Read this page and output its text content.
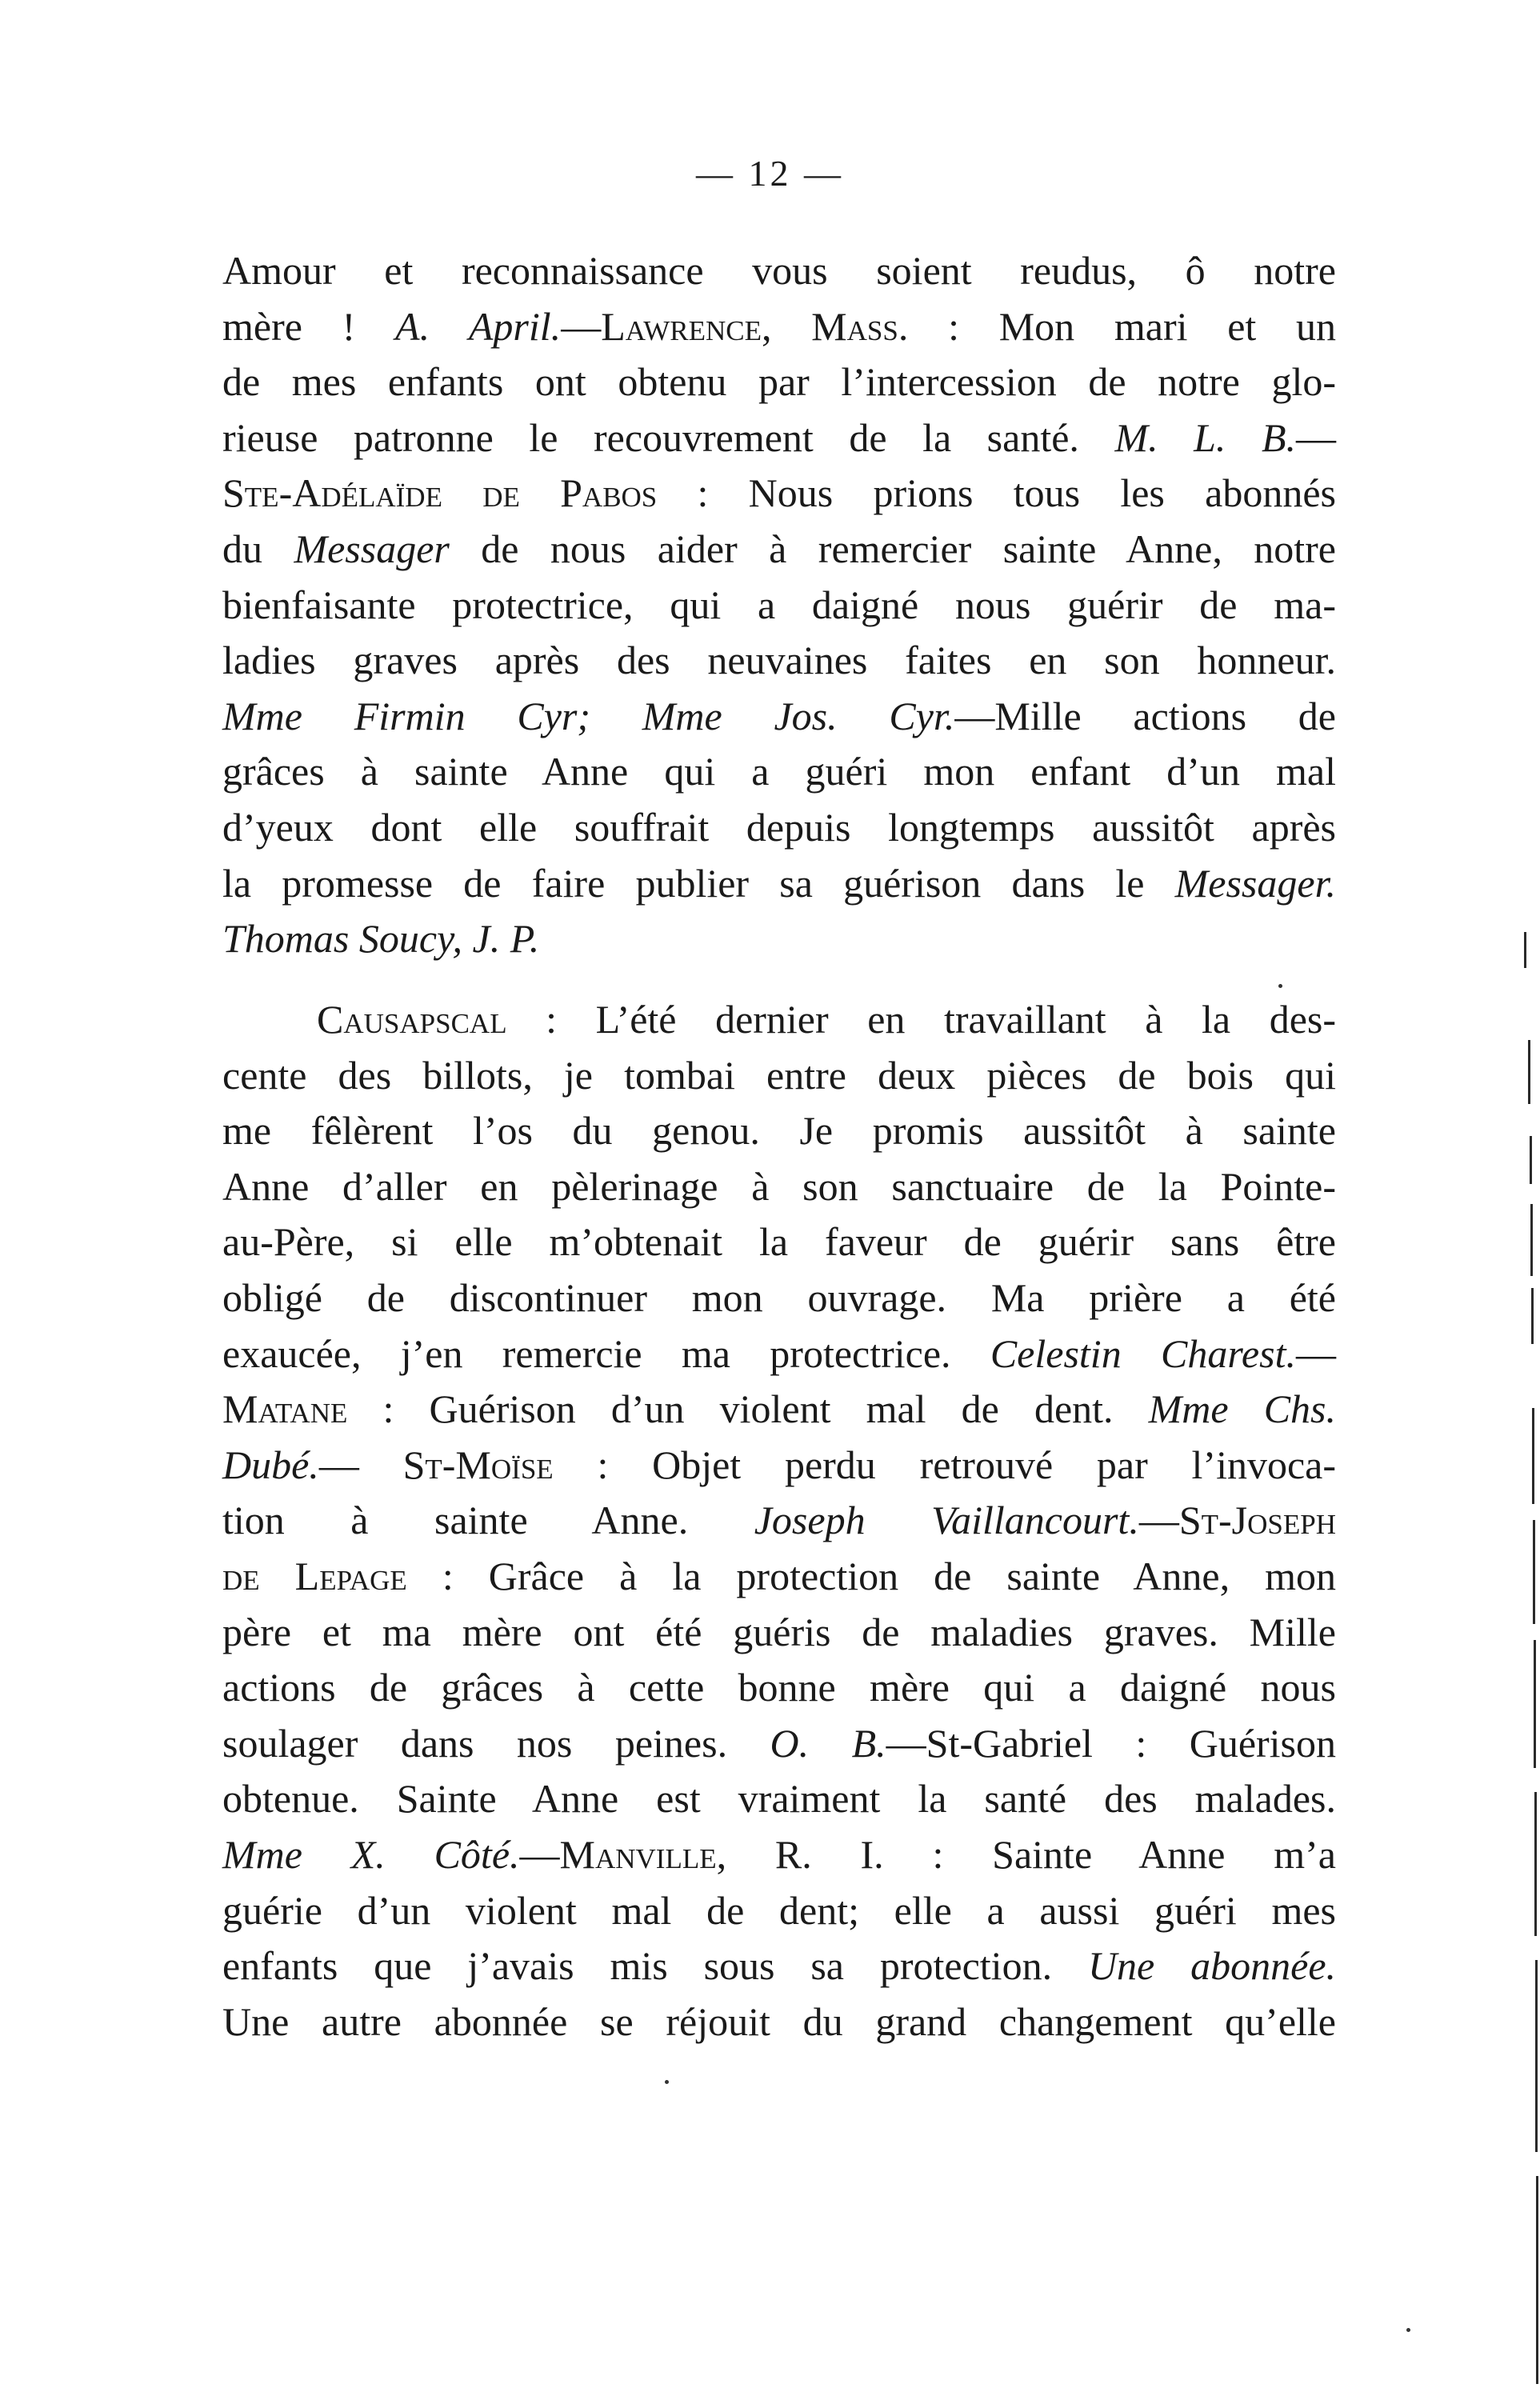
— 12 —
Amour et reconnaissance vous soient reudus, ô notre
mère ! A. April.—Lawrence, Mass. : Mon mari et un
de mes enfants ont obtenu par l’intercession de notre glo-
rieuse patronne le recouvrement de la santé. M. L. B.—
Ste-Adélaïde de Pabos : Nous prions tous les abonnés
du Messager de nous aider à remercier sainte Anne, notre
bienfaisante protectrice, qui a daigné nous guérir de ma-
ladies graves après des neuvaines faites en son honneur.
Mme Firmin Cyr; Mme Jos. Cyr.—Mille actions de
grâces à sainte Anne qui a guéri mon enfant d’un mal
d’yeux dont elle souffrait depuis longtemps aussitôt après
la promesse de faire publier sa guérison dans le Messager.
Thomas Soucy, J. P.
Causapscal : L’été dernier en travaillant à la des-
cente des billots, je tombai entre deux pièces de bois qui
me fêlèrent l’os du genou. Je promis aussitôt à sainte
Anne d’aller en pèlerinage à son sanctuaire de la Pointe-
au-Père, si elle m’obtenait la faveur de guérir sans être
obligé de discontinuer mon ouvrage. Ma prière a été
exaucée, j’en remercie ma protectrice. Celestin Charest.—
Matane : Guérison d’un violent mal de dent. Mme Chs.
Dubé.— St-Moïse : Objet perdu retrouvé par l’invoca-
tion à sainte Anne. Joseph Vaillancourt.—St-Joseph
de Lepage : Grâce à la protection de sainte Anne, mon
père et ma mère ont été guéris de maladies graves. Mille
actions de grâces à cette bonne mère qui a daigné nous
soulager dans nos peines. O. B.—St-Gabriel : Guérison
obtenue. Sainte Anne est vraiment la santé des malades.
Mme X. Côté.—Manville, R. I. : Sainte Anne m’a
guérie d’un violent mal de dent; elle a aussi guéri mes
enfants que j’avais mis sous sa protection. Une abonnée.
Une autre abonnée se réjouit du grand changement qu’elle
